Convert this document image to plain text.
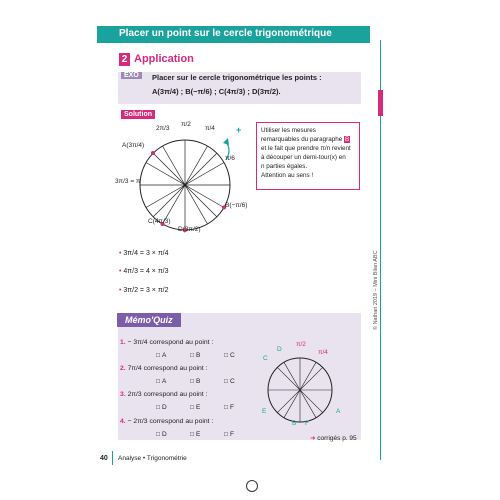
Placer un point sur le cercle trigonométrique
2 Application
EXO	Placer sur le cercle trigonométrique les points :
A(3π/4) ; B(−π/6) ; C(4π/3) ; D(3π/2).
Solution
2π/3
π/2
π/4
A(3π/4)
π/6
3π/3 = π
B(−π/6)
C(4π/3)
D(3π/2)
+	Utiliser les mesures
remarquables du paragraphe B
et le fait que prendre π/n revient
à découper un demi-tour(x) en
n parties égales.
Attention au sens !
• 3π/4 = 3 × π/4
• 4π/3 = 4 × π/3
• 3π/2 = 3 × π/2
Mémo'Quiz
1. − 3π/4 correspond au point :
□ A	□ B	□ C
2. 7π/4 correspond au point :
□ A	□ B	□ C
3. 2π/3 correspond au point :
□ D	□ E	□ F
4. − 2π/3 correspond au point :
□ D	□ E	□ F
D
π/2
π/4
C
E
B F
A
➜ corrigés p. 95
40	Analyse • Trigonométrie
© Nathan 2019 – Mini Bilan ABC
